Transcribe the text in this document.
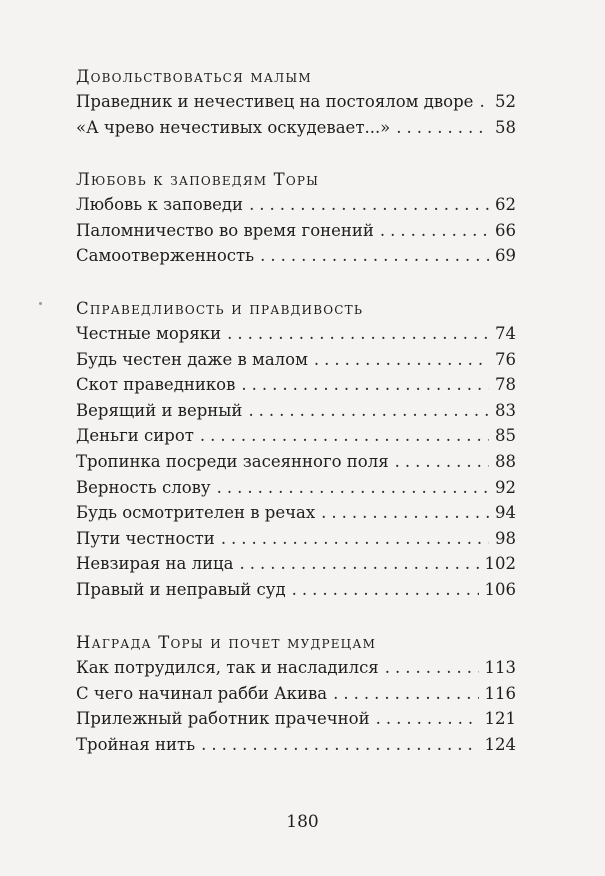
Довольствоваться малым
Праведник и нечестивец на постоялом дворе ..... 52
«А чрево нечестивых оскудевает...» .....	58
Любовь к заповедям Торы
Любовь к заповеди .....	62
Паломничество во время гонений .....	66
Самоотверженность .....	69
Справедливость и правдивость
Честные моряки .....	74
Будь честен даже в малом .....	76
Скот праведников .....	78
Верящий и верный .....	83
Деньги сирот .....	85
Тропинка посреди засеянного поля .....	88
Верность слову .....	92
Будь осмотрителен в речах .....	94
Пути честности .....	98
Невзирая на лица .....	102
Правый и неправый суд .....	106
Награда Торы и почет мудрецам
Как потрудился, так и насладился .....	113
С чего начинал рабби Акива .....	116
Прилежный работник прачечной .....	121
Тройная нить .....	124
180
